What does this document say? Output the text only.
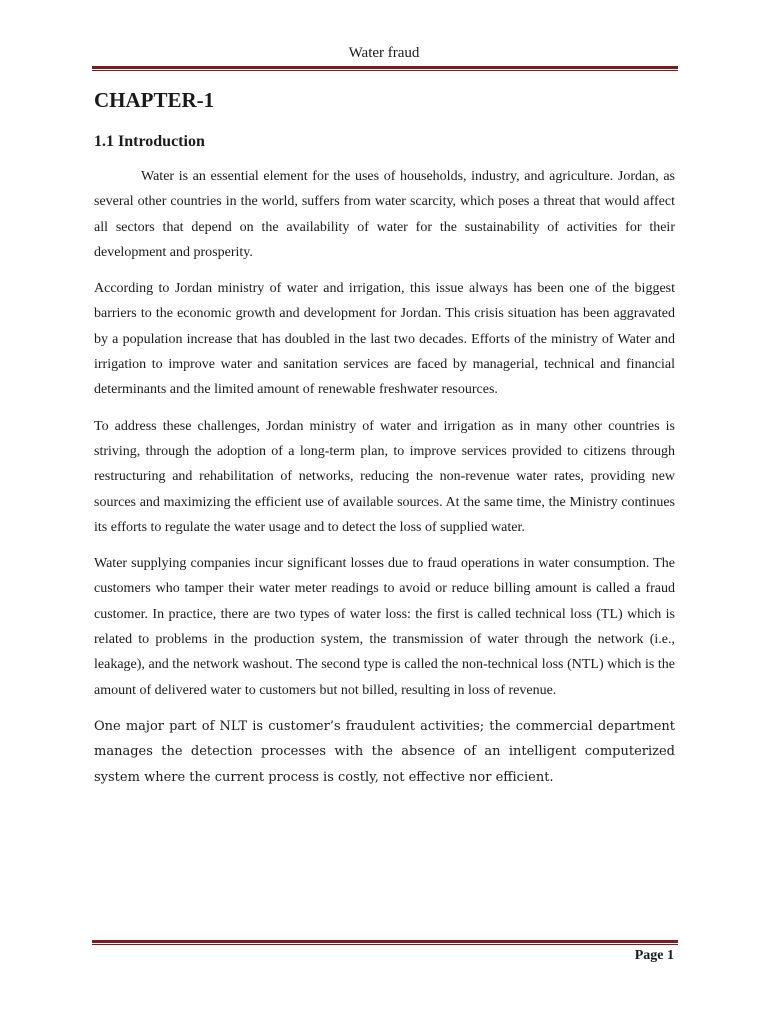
Water fraud
CHAPTER-1
1.1 Introduction

Water is an essential element for the uses of households, industry, and agriculture. Jordan, as several other countries in the world, suffers from water scarcity, which poses a threat that would affect all sectors that depend on the availability of water for the sustainability of activities for their development and prosperity.

According to Jordan ministry of water and irrigation, this issue always has been one of the biggest barriers to the economic growth and development for Jordan. This crisis situation has been aggravated by a population increase that has doubled in the last two decades. Efforts of the ministry of Water and irrigation to improve water and sanitation services are faced by managerial, technical and financial determinants and the limited amount of renewable freshwater resources.

To address these challenges, Jordan ministry of water and irrigation as in many other countries is striving, through the adoption of a long-term plan, to improve services provided to citizens through restructuring and rehabilitation of networks, reducing the non-revenue water rates, providing new sources and maximizing the efficient use of available sources. At the same time, the Ministry continues its efforts to regulate the water usage and to detect the loss of supplied water.

Water supplying companies incur significant losses due to fraud operations in water consumption. The customers who tamper their water meter readings to avoid or reduce billing amount is called a fraud customer. In practice, there are two types of water loss: the first is called technical loss (TL) which is related to problems in the production system, the transmission of water through the network (i.e., leakage), and the network washout. The second type is called the non-technical loss (NTL) which is the amount of delivered water to customers but not billed, resulting in loss of revenue.

One major part of NLT is customer’s fraudulent activities; the commercial department manages the detection processes with the absence of an intelligent computerized system where the current process is costly, not effective nor efficient.

Page 1
